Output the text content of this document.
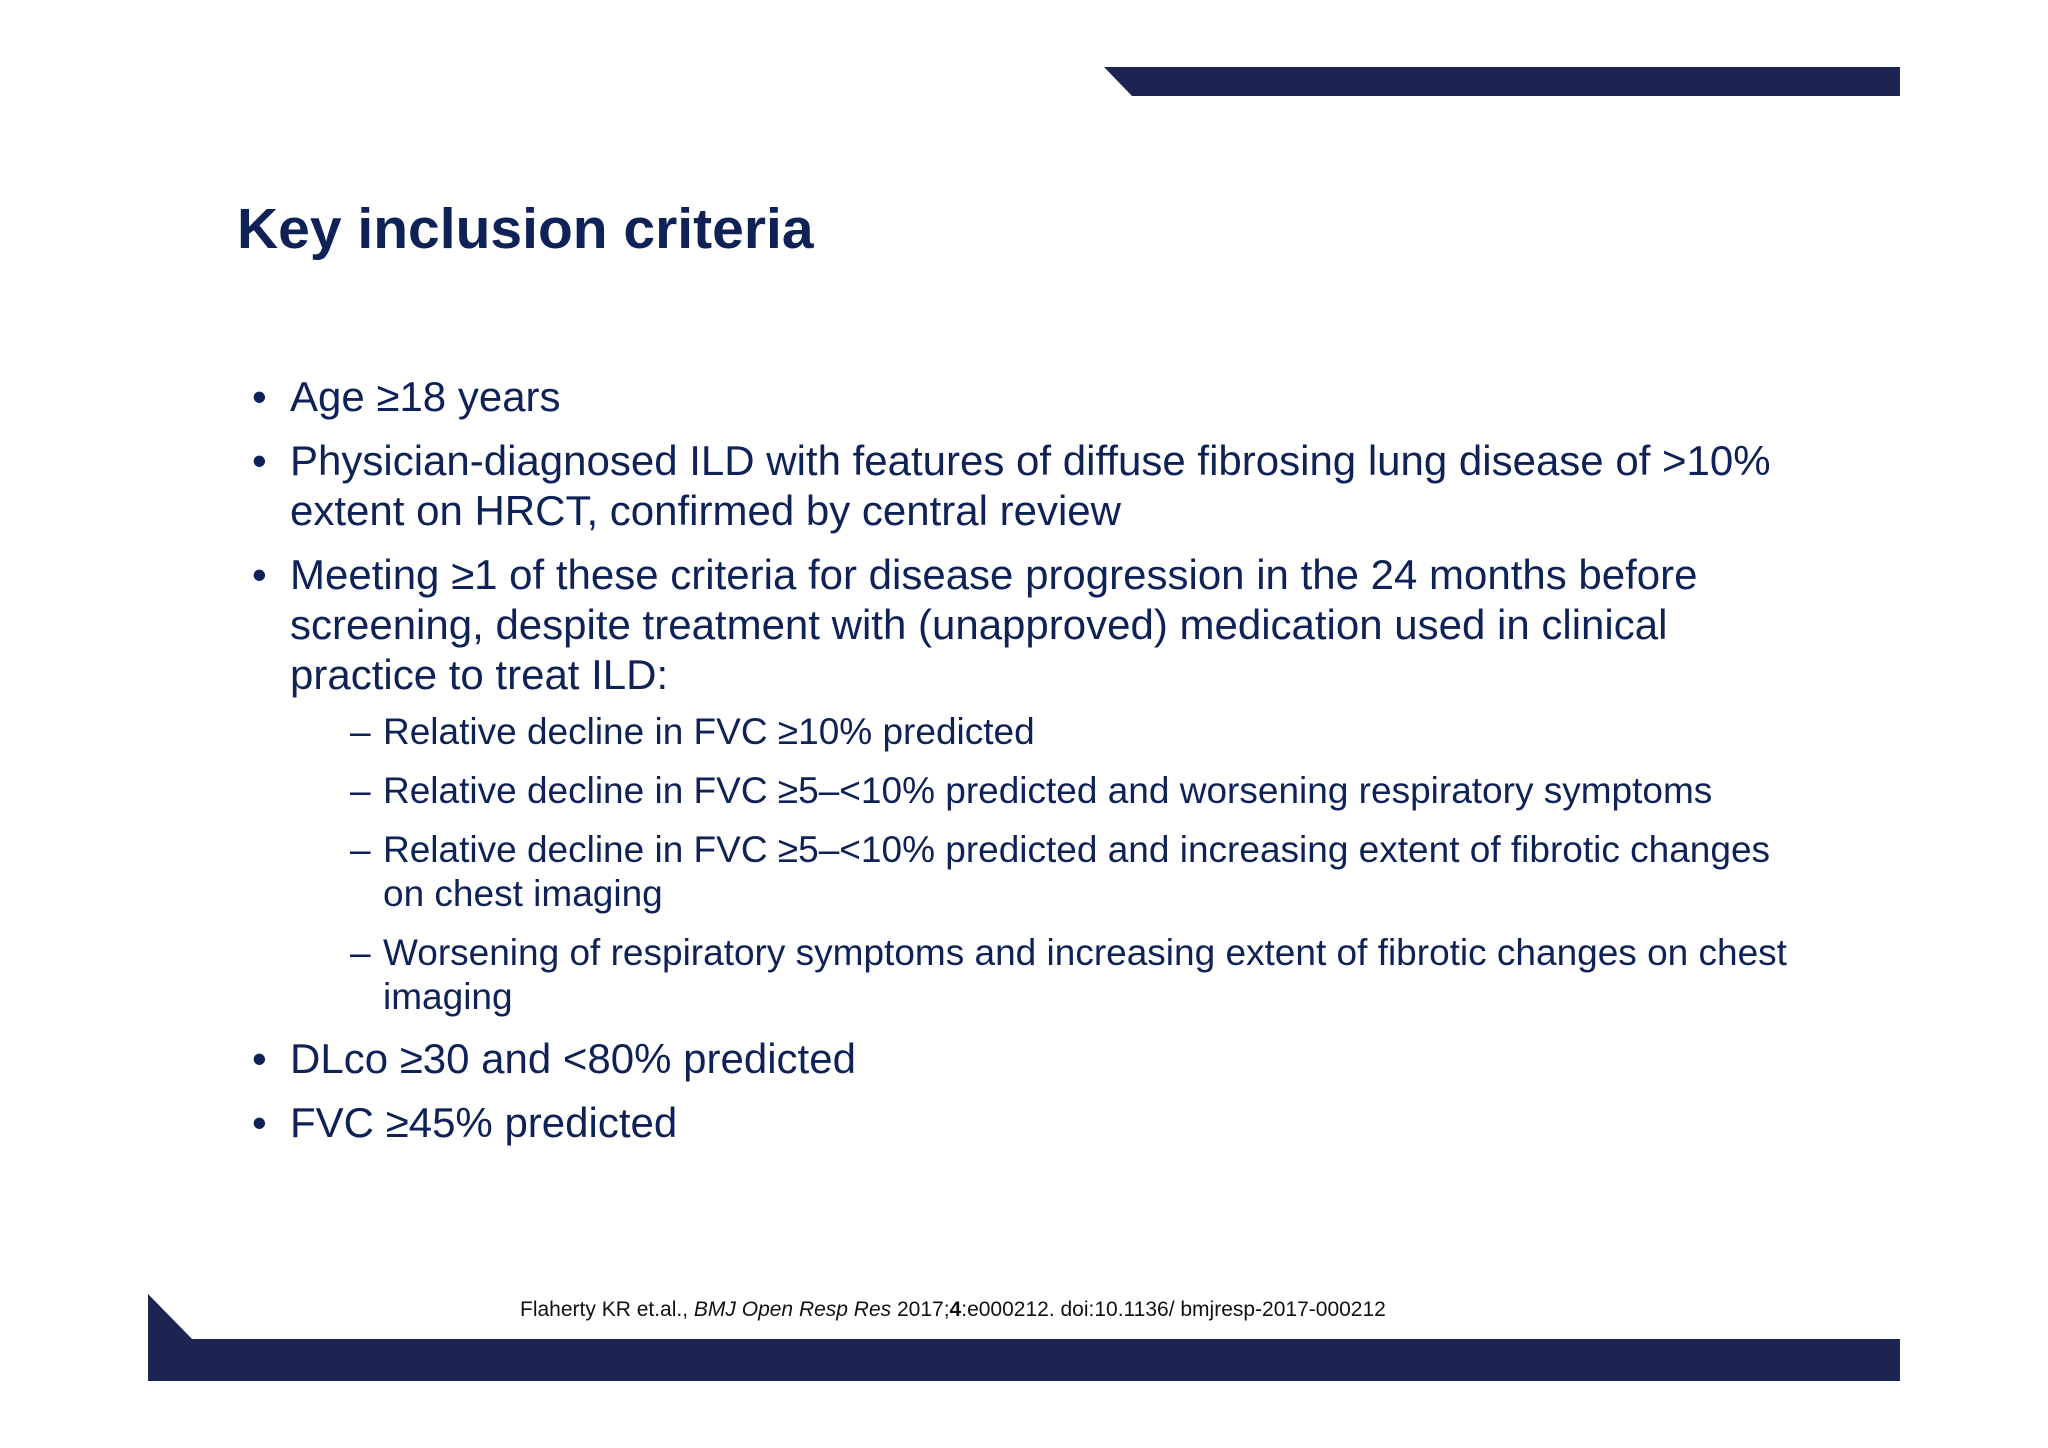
Key inclusion criteria
• Age ≥18 years
• Physician-diagnosed ILD with features of diffuse fibrosing lung disease of >10% extent on HRCT, confirmed by central review
• Meeting ≥1 of these criteria for disease progression in the 24 months before screening, despite treatment with (unapproved) medication used in clinical practice to treat ILD:
– Relative decline in FVC ≥10% predicted
– Relative decline in FVC ≥5–<10% predicted and worsening respiratory symptoms
– Relative decline in FVC ≥5–<10% predicted and increasing extent of fibrotic changes on chest imaging
– Worsening of respiratory symptoms and increasing extent of fibrotic changes on chest imaging
• DLco ≥30 and <80% predicted
• FVC ≥45% predicted
Flaherty KR et.al., BMJ Open Resp Res 2017;4:e000212. doi:10.1136/ bmjresp-2017-000212
